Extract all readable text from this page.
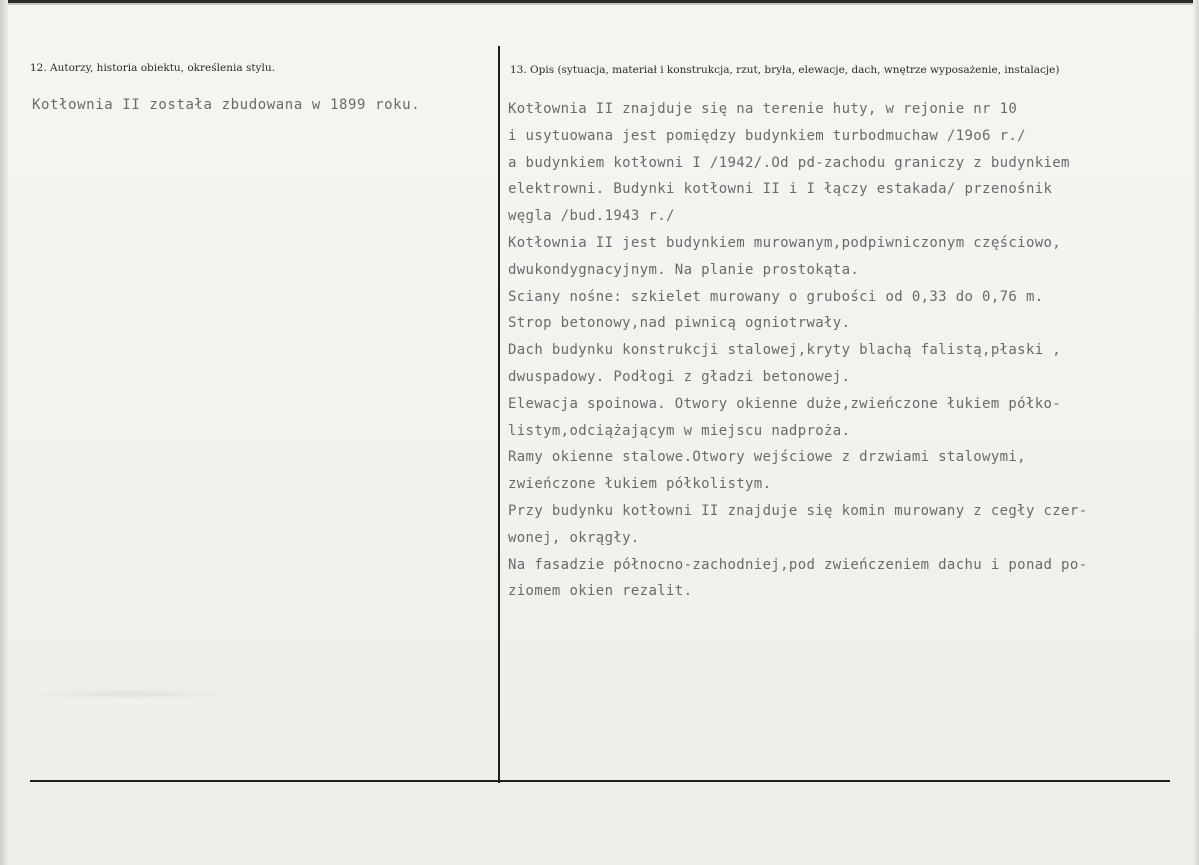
12. Autorzy, historia obiektu, określenia stylu.	13. Opis (sytuacja, materiał i konstrukcja, rzut, bryła, elewacje, dach, wnętrze wyposażenie, instalacje)
Kotłownia II została zbudowana w 1899 roku.	Kotłownia II znajduje się na terenie huty, w rejonie nr 10
i usytuowana jest pomiędzy budynkiem turbodmuchaw /19o6 r./
a budynkiem kotłowni I /1942/.Od pd-zachodu graniczy z budynkiem
elektrowni. Budynki kotłowni II i I łączy estakada/ przenośnik
węgla /bud.1943 r./
Kotłownia II jest budynkiem murowanym,podpiwniczonym częściowo,
dwukondygnacyjnym. Na planie prostokąta.
Sciany nośne: szkielet murowany o grubości od 0,33 do 0,76 m.
Strop betonowy,nad piwnicą ogniotrwały.
Dach budynku konstrukcji stalowej,kryty blachą falistą,płaski ,
dwuspadowy. Podłogi z gładzi betonowej.
Elewacja spoinowa. Otwory okienne duże,zwieńczone łukiem półko-
listym,odciążającym w miejscu nadproża.
Ramy okienne stalowe.Otwory wejściowe z drzwiami stalowymi,
zwieńczone łukiem półkolistym.
Przy budynku kotłowni II znajduje się komin murowany z cegły czer-
wonej, okrągły.
Na fasadzie północno-zachodniej,pod zwieńczeniem dachu i ponad po-
ziomem okien rezalit.
